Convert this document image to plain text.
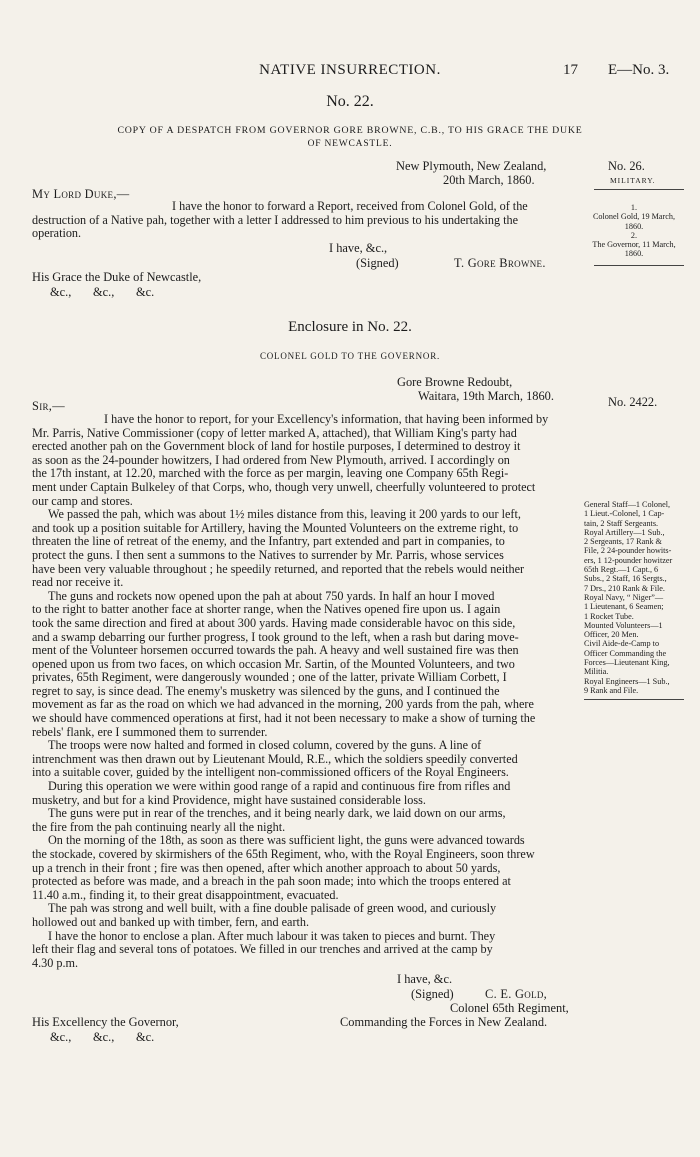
NATIVE INSURRECTION.	17 E—No. 3.
No. 22.
COPY OF A DESPATCH FROM GOVERNOR GORE BROWNE, C.B., TO HIS GRACE THE DUKE
OF NEWCASTLE.
New Plymouth, New Zealand,
20th March, 1860.
No. 26.
MILITARY.
My Lord Duke,—
I have the honor to forward a Report, received from Colonel Gold, of the
destruction of a Native pah, together with a letter I addressed to him previous to his undertaking the
operation.
1.
Colonel Gold, 19 March,
1860.
2.
The Governor, 11 March,
1860.
I have, &c.,
(Signed)	T. Gore Browne.
His Grace the Duke of Newcastle,
&c.,       &c.,       &c.
Enclosure in No. 22.
COLONEL GOLD TO THE GOVERNOR.
Gore Browne Redoubt,
Waitara, 19th March, 1860.	No. 2422.
Sir,—
I have the honor to report, for your Excellency's information, that having been informed by
Mr. Parris, Native Commissioner (copy of letter marked A, attached), that William King's party had
erected another pah on the Government block of land for hostile purposes, I determined to destroy it
as soon as the 24-pounder howitzers, I had ordered from New Plymouth, arrived. I accordingly on
the 17th instant, at 12.20, marched with the force as per margin, leaving one Company 65th Regi-
ment under Captain Bulkeley of that Corps, who, though very unwell, cheerfully volunteered to protect
our camp and stores.
We passed the pah, which was about 1½ miles distance from this, leaving it 200 yards to our left,
and took up a position suitable for Artillery, having the Mounted Volunteers on the extreme right, to
threaten the line of retreat of the enemy, and the Infantry, part extended and part in companies, to
protect the guns. I then sent a summons to the Natives to surrender by Mr. Parris, whose services
have been very valuable throughout ; he speedily returned, and reported that the rebels would neither
read nor receive it.
The guns and rockets now opened upon the pah at about 750 yards. In half an hour I moved
to the right to batter another face at shorter range, when the Natives opened fire upon us. I again
took the same direction and fired at about 300 yards. Having made considerable havoc on this side,
and a swamp debarring our further progress, I took ground to the left, when a rash but daring move-
ment of the Volunteer horsemen occurred towards the pah. A heavy and well sustained fire was then
opened upon us from two faces, on which occasion Mr. Sartin, of the Mounted Volunteers, and two
privates, 65th Regiment, were dangerously wounded ; one of the latter, private William Corbett, I
regret to say, is since dead. The enemy's musketry was silenced by the guns, and I continued the
movement as far as the road on which we had advanced in the morning, 200 yards from the pah, where
we should have commenced operations at first, had it not been necessary to make a show of turning the
rebels' flank, ere I summoned them to surrender.
The troops were now halted and formed in closed column, covered by the guns. A line of
intrenchment was then drawn out by Lieutenant Mould, R.E., which the soldiers speedily converted
into a suitable cover, guided by the intelligent non-commissioned officers of the Royal Engineers.
During this operation we were within good range of a rapid and continuous fire from rifles and
musketry, and but for a kind Providence, might have sustained considerable loss.
The guns were put in rear of the trenches, and it being nearly dark, we laid down on our arms,
the fire from the pah continuing nearly all the night.
On the morning of the 18th, as soon as there was sufficient light, the guns were advanced towards
the stockade, covered by skirmishers of the 65th Regiment, who, with the Royal Engineers, soon threw
up a trench in their front ; fire was then opened, after which another approach to about 50 yards,
protected as before was made, and a breach in the pah soon made; into which the troops entered at
11.40 a.m., finding it, to their great disappointment, evacuated.
The pah was strong and well built, with a fine double palisade of green wood, and curiously
hollowed out and banked up with timber, fern, and earth.
I have the honor to enclose a plan. After much labour it was taken to pieces and burnt. They
left their flag and several tons of potatoes. We filled in our trenches and arrived at the camp by
4.30 p.m.
General Staff—1 Colonel,
1 Lieut.-Colonel, 1 Cap-
tain, 2 Staff Sergeants.
Royal Artillery—1 Sub.,
2 Sergeants, 17 Rank &
File, 2 24-pounder howits-
ers, 1 12-pounder howitzer
65th Regt.—1 Capt., 6
Subs., 2 Staff, 16 Sergts.,
7 Drs., 210 Rank & File.
Royal Navy, “ Niger”—
1 Lieutenant, 6 Seamen;
1 Rocket Tube.
Mounted Volunteers—1
Officer, 20 Men.
Civil Aide-de-Camp to
Officer Commanding the
Forces—Lieutenant King,
Militia.
Royal Engineers—1 Sub.,
9 Rank and File.
I have, &c.
(Signed)	C. E. Gold,
Colonel 65th Regiment,
Commanding the Forces in New Zealand.
His Excellency the Governor,
&c.,       &c.,       &c.
